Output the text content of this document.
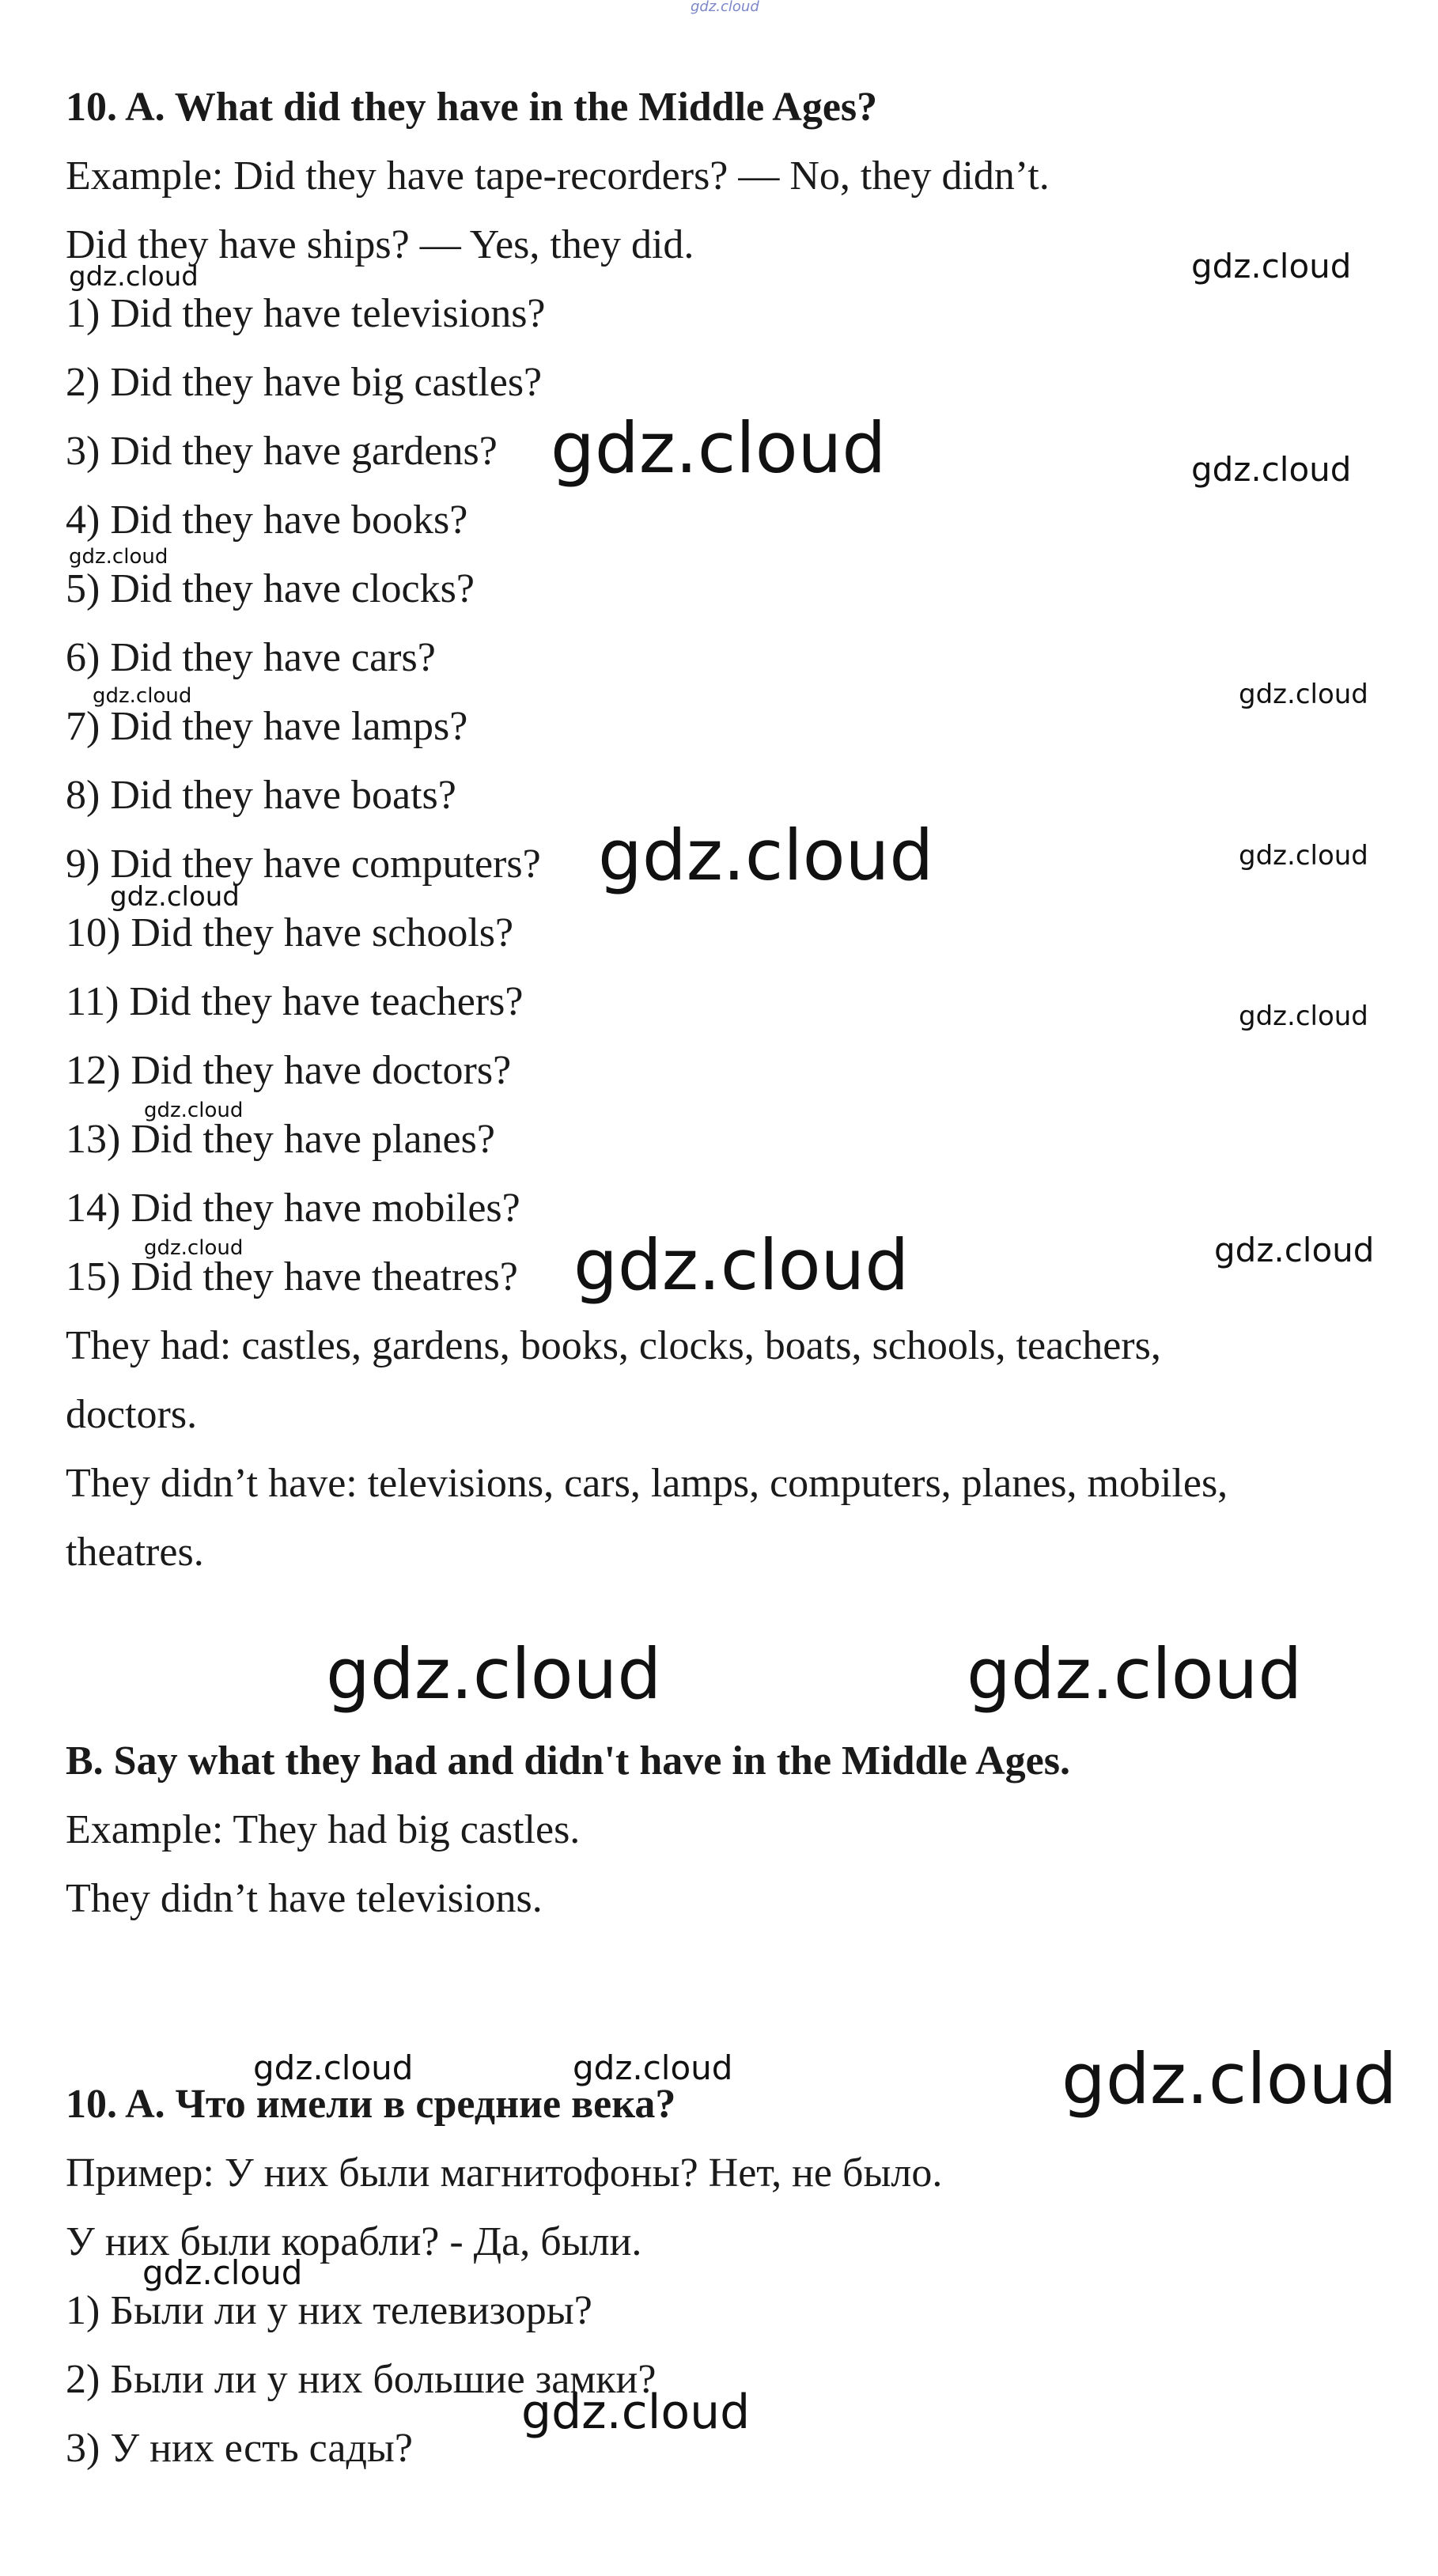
gdz.cloud
10. A. What did they have in the Middle Ages?
Example: Did they have tape-recorders? — No, they didn’t.
Did they have ships? — Yes, they did.
1) Did they have televisions?
2) Did they have big castles?
3) Did they have gardens?
4) Did they have books?
5) Did they have clocks?
6) Did they have cars?
7) Did they have lamps?
8) Did they have boats?
9) Did they have computers?
10) Did they have schools?
11) Did they have teachers?
12) Did they have doctors?
13) Did they have planes?
14) Did they have mobiles?
15) Did they have theatres?
They had: castles, gardens, books, clocks, boats, schools, teachers,
doctors.
They didn’t have: televisions, cars, lamps, computers, planes, mobiles,
theatres.
B. Say what they had and didn't have in the Middle Ages.
Example: They had big castles.
They didn’t have televisions.
10. A. Что имели в средние века?
Пример: У них были магнитофоны? Нет, не было.
У них были корабли? - Да, были.
1) Были ли у них телевизоры?
2) Были ли у них большие замки?
3) У них есть сады?
gdz.cloud	gdz.cloud
gdz.cloud	gdz.cloud
gdz.cloud
gdz.cloud
gdz.cloud
gdz.cloud	gdz.cloud
gdz.cloud
gdz.cloud
gdz.cloud
gdz.cloud	gdz.cloud	gdz.cloud
gdz.cloud	gdz.cloud
gdz.cloud	gdz.cloud	gdz.cloud
gdz.cloud
gdz.cloud
